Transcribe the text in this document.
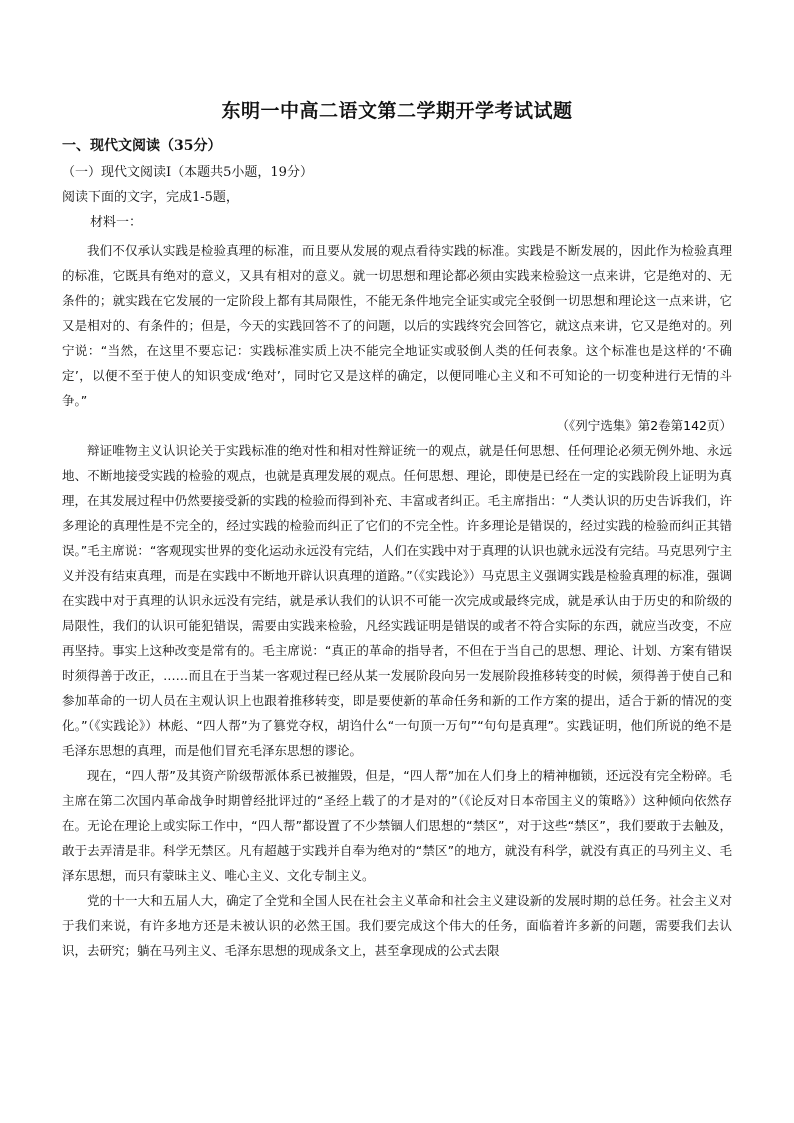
东明一中高二语文第二学期开学考试试题
一、现代文阅读（35分）
（一）现代文阅读Ⅰ（本题共5小题，19分）
阅读下面的文字，完成1-5题，
材料一：

我们不仅承认实践是检验真理的标准，而且要从发展的观点看待实践的标准。实践是不断发展的，因此作为检验真理的标准，它既具有绝对的意义，又具有相对的意义。就一切思想和理论都必须由实践来检验这一点来讲，它是绝对的、无条件的；就实践在它发展的一定阶段上都有其局限性，不能无条件地完全证实或完全驳倒一切思想和理论这一点来讲，它又是相对的、有条件的；但是，今天的实践回答不了的问题，以后的实践终究会回答它，就这点来讲，它又是绝对的。列宁说：“当然，在这里不要忘记：实践标准实质上决不能完全地证实或驳倒人类的任何表象。这个标准也是这样的‘不确定’，以便不至于使人的知识变成‘绝对’，同时它又是这样的确定，以便同唯心主义和不可知论的一切变种进行无情的斗争。”

（《列宁选集》第2卷第142页）

辩证唯物主义认识论关于实践标准的绝对性和相对性辩证统一的观点，就是任何思想、任何理论必须无例外地、永远地、不断地接受实践的检验的观点，也就是真理发展的观点。任何思想、理论，即使是已经在一定的实践阶段上证明为真理，在其发展过程中仍然要接受新的实践的检验而得到补充、丰富或者纠正。毛主席指出：“人类认识的历史告诉我们，许多理论的真理性是不完全的，经过实践的检验而纠正了它们的不完全性。许多理论是错误的，经过实践的检验而纠正其错误。”毛主席说：“客观现实世界的变化运动永远没有完结，人们在实践中对于真理的认识也就永远没有完结。马克思列宁主义并没有结束真理，而是在实践中不断地开辟认识真理的道路。”（《实践论》）马克思主义强调实践是检验真理的标准，强调在实践中对于真理的认识永远没有完结，就是承认我们的认识不可能一次完成或最终完成，就是承认由于历史的和阶级的局限性，我们的认识可能犯错误，需要由实践来检验，凡经实践证明是错误的或者不符合实际的东西，就应当改变，不应再坚持。事实上这种改变是常有的。毛主席说：“真正的革命的指导者，不但在于当自己的思想、理论、计划、方案有错误时须得善于改正，……而且在于当某一客观过程已经从某一发展阶段向另一发展阶段推移转变的时候，须得善于使自己和参加革命的一切人员在主观认识上也跟着推移转变，即是要使新的革命任务和新的工作方案的提出，适合于新的情况的变化。”（《实践论》）林彪、“四人帮”为了篡党夺权，胡诌什么“一句顶一万句”“句句是真理”。实践证明，他们所说的绝不是毛泽东思想的真理，而是他们冒充毛泽东思想的谬论。

现在，“四人帮”及其资产阶级帮派体系已被摧毁，但是，“四人帮”加在人们身上的精神枷锁，还远没有完全粉碎。毛主席在第二次国内革命战争时期曾经批评过的“圣经上载了的才是对的”（《论反对日本帝国主义的策略》）这种倾向依然存在。无论在理论上或实际工作中，“四人帮”都设置了不少禁锢人们思想的“禁区”，对于这些“禁区”，我们要敢于去触及，敢于去弄清是非。科学无禁区。凡有超越于实践并自奉为绝对的“禁区”的地方，就没有科学，就没有真正的马列主义、毛泽东思想，而只有蒙昧主义、唯心主义、文化专制主义。

党的十一大和五届人大，确定了全党和全国人民在社会主义革命和社会主义建设新的发展时期的总任务。社会主义对于我们来说，有许多地方还是未被认识的必然王国。我们要完成这个伟大的任务，面临着许多新的问题，需要我们去认识，去研究；躺在马列主义、毛泽东思想的现成条文上，甚至拿现成的公式去限
